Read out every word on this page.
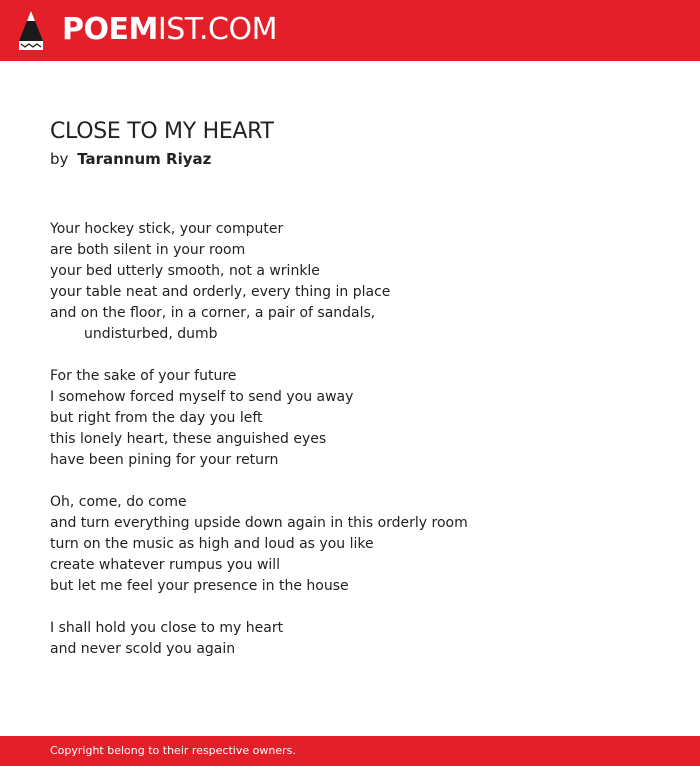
POEMIST.COM
CLOSE TO MY HEART
by Tarannum Riyaz
Your hockey stick, your computer
are both silent in your room
your bed utterly smooth, not a wrinkle
your table neat and orderly, every thing in place
and on the floor, in a corner, a pair of sandals,
undisturbed, dumb
For the sake of your future
I somehow forced myself to send you away
but right from the day you left
this lonely heart, these anguished eyes
have been pining for your return
Oh, come, do come
and turn everything upside down again in this orderly room
turn on the music as high and loud as you like
create whatever rumpus you will
but let me feel your presence in the house
I shall hold you close to my heart
and never scold you again
Copyright belong to their respective owners.
